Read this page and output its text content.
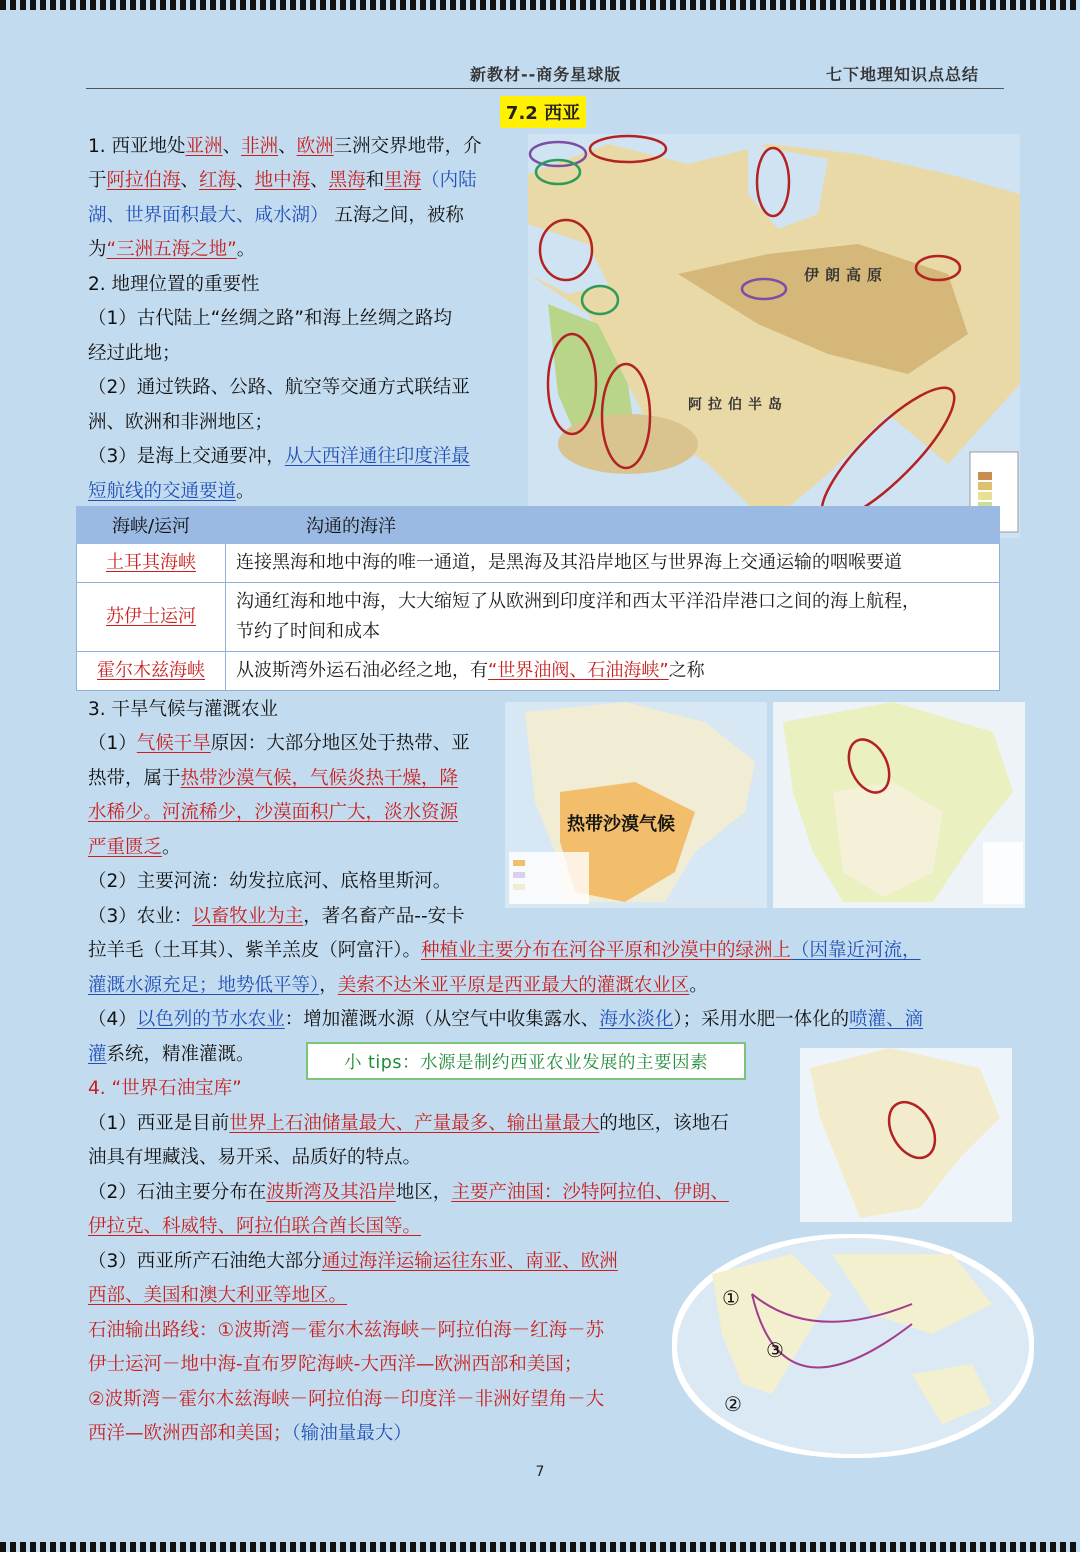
新教材--商务星球版	七下地理知识点总结
7.2 西亚
1. 西亚地处亚洲、非洲、欧洲三洲交界地带，介
于阿拉伯海、红海、地中海、黑海和里海（内陆
湖、世界面积最大、咸水湖） 五海之间，被称
为“三洲五海之地”。
2. 地理位置的重要性
（1）古代陆上“丝绸之路”和海上丝绸之路均
经过此地；
（2）通过铁路、公路、航空等交通方式联结亚
洲、欧洲和非洲地区；
（3）是海上交通要冲，从大西洋通往印度洋最
短航线的交通要道。
伊朗高原
阿拉伯半岛
海峡/运河	沟通的海洋
土耳其海峡	连接黑海和地中海的唯一通道，是黑海及其沿岸地区与世界海上交通运输的咽喉要道
苏伊士运河	沟通红海和地中海，大大缩短了从欧洲到印度洋和西太平洋沿岸港口之间的海上航程，
节约了时间和成本

霍尔木兹海峡	从波斯湾外运石油必经之地，有“世界油阀、石油海峡”之称
3. 干旱气候与灌溉农业
（1）气候干旱原因：大部分地区处于热带、亚
热带，属于热带沙漠气候，气候炎热干燥，降
水稀少。河流稀少，沙漠面积广大，淡水资源
严重匮乏。
（2）主要河流：幼发拉底河、底格里斯河。
（3）农业：以畜牧业为主，著名畜产品--安卡
拉羊毛（土耳其）、紫羊羔皮（阿富汗）。种植业主要分布在河谷平原和沙漠中的绿洲上（因靠近河流，
灌溉水源充足；地势低平等），美索不达米亚平原是西亚最大的灌溉农业区。
（4）以色列的节水农业：增加灌溉水源（从空气中收集露水、海水淡化）；采用水肥一体化的喷灌、滴
灌系统，精准灌溉。	小 tips：水源是制约西亚农业发展的主要因素
热带沙漠气候
4. “世界石油宝库”
（1）西亚是目前世界上石油储量最大、产量最多、输出量最大的地区，该地石
油具有埋藏浅、易开采、品质好的特点。
（2）石油主要分布在波斯湾及其沿岸地区，主要产油国：沙特阿拉伯、伊朗、
伊拉克、科威特、阿拉伯联合酋长国等。
（3）西亚所产石油绝大部分通过海洋运输运往东亚、南亚、欧洲
西部、美国和澳大利亚等地区。
石油输出路线：①波斯湾－霍尔木兹海峡－阿拉伯海－红海－苏
伊士运河－地中海-直布罗陀海峡-大西洋—欧洲西部和美国；
②波斯湾－霍尔木兹海峡－阿拉伯海－印度洋－非洲好望角－大
西洋—欧洲西部和美国；（输油量最大）
①
③
②
7
